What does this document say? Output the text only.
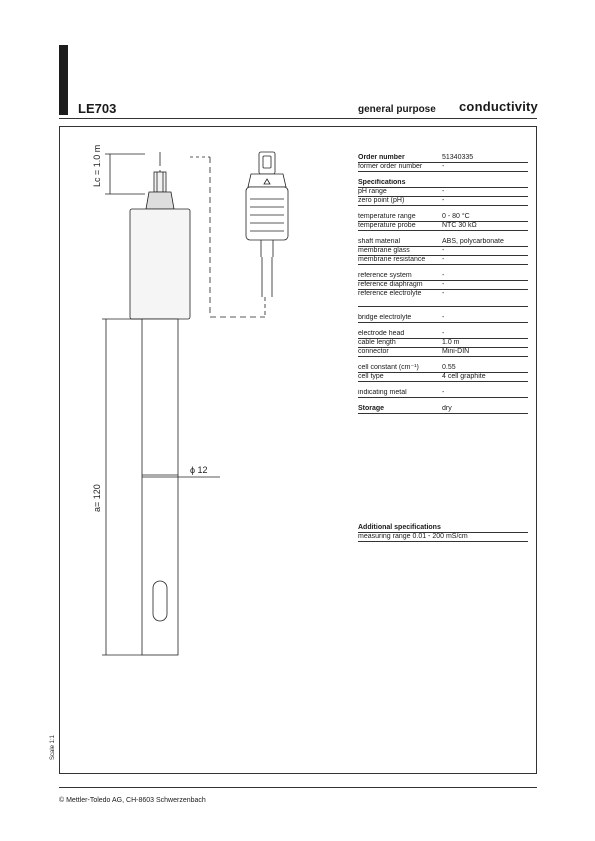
LE703	general purpose conductivity
Lc = 1.0 m
a= 120
ϕ 12
Order number	51340335
former order number	-
Specifications
pH range	-
zero point (pH)	-
temperature range	0 - 80 °C
temperature probe	NTC 30 kΩ
shaft material	ABS, polycarbonate
membrane glass	-
membrane resistance	-
reference system	-
reference diaphragm	-
reference electrolyte	-
bridge electrolyte	-
electrode head	-
cable length	1.0 m
connector	Mini-DIN
cell constant (cm⁻¹)	0.55
cell type	4 cell graphite
indicating metal	-
Storage	dry
Additional specifications
measuring range 0.01 - 200 mS/cm
Scale 1:1
© Mettler-Toledo AG, CH-8603 Schwerzenbach
